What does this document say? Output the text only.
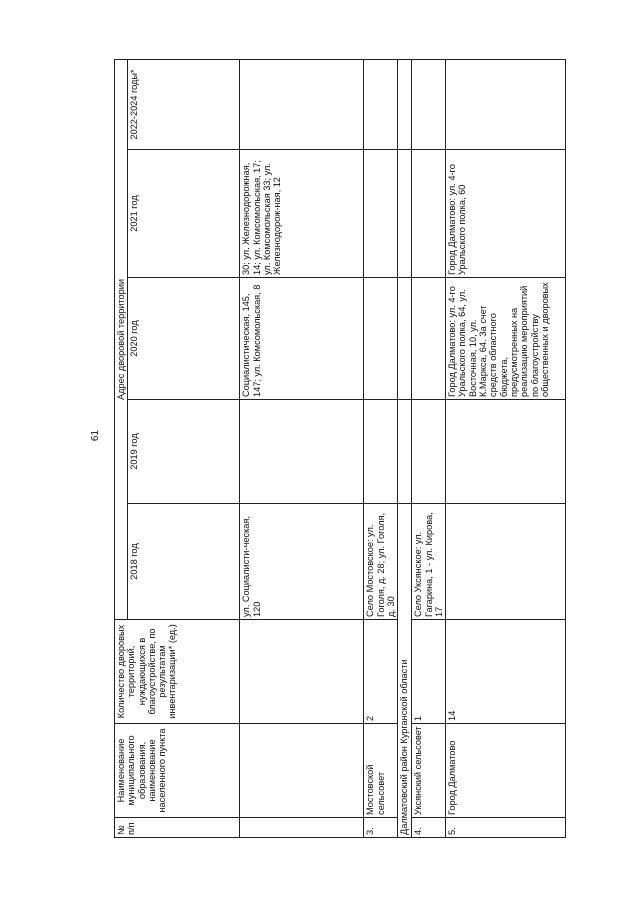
61
№ п/п	Наименование муниципального образования, наименование населенного пункта	Количество дворовых территорий, нуждающихся в благоустройстве, по результатам инвентаризации* (ед.)	Адрес дворовой территории				
			2018 год	2019 год	2020 год	2021 год	2022-2024 годы*
			ул. Социалисти-ческая, 120		Социалистическая, 145, 147; ул. Комсомольская, 8	30; ул. Железнодорожная, 14; ул. Комсомольская, 17; ул. Комсомольская 33; ул. Железнодорож-ная, 12	
3.	Мостовской сельсовет	2	Село Мостовское: ул. Гоголя, д. 28; ул. Гоголя, д. 30				
Далматовский район Курганской области							
4.	Уксянский сельсовет	1	Село Уксянское: ул. Гагарина, 1 - ул. Кирова, 17				
5.	Город Далматово	14			Город Далматово: ул. 4-го Уральского полка, 64, ул. Восточная, 10, ул. К.Маркса, 64. За счет средств областного бюджета, предусмотренных на реализацию мероприятий по благоустройству общественных и дворовых	Город Далматово: ул. 4-го Уральского полка, 60	
